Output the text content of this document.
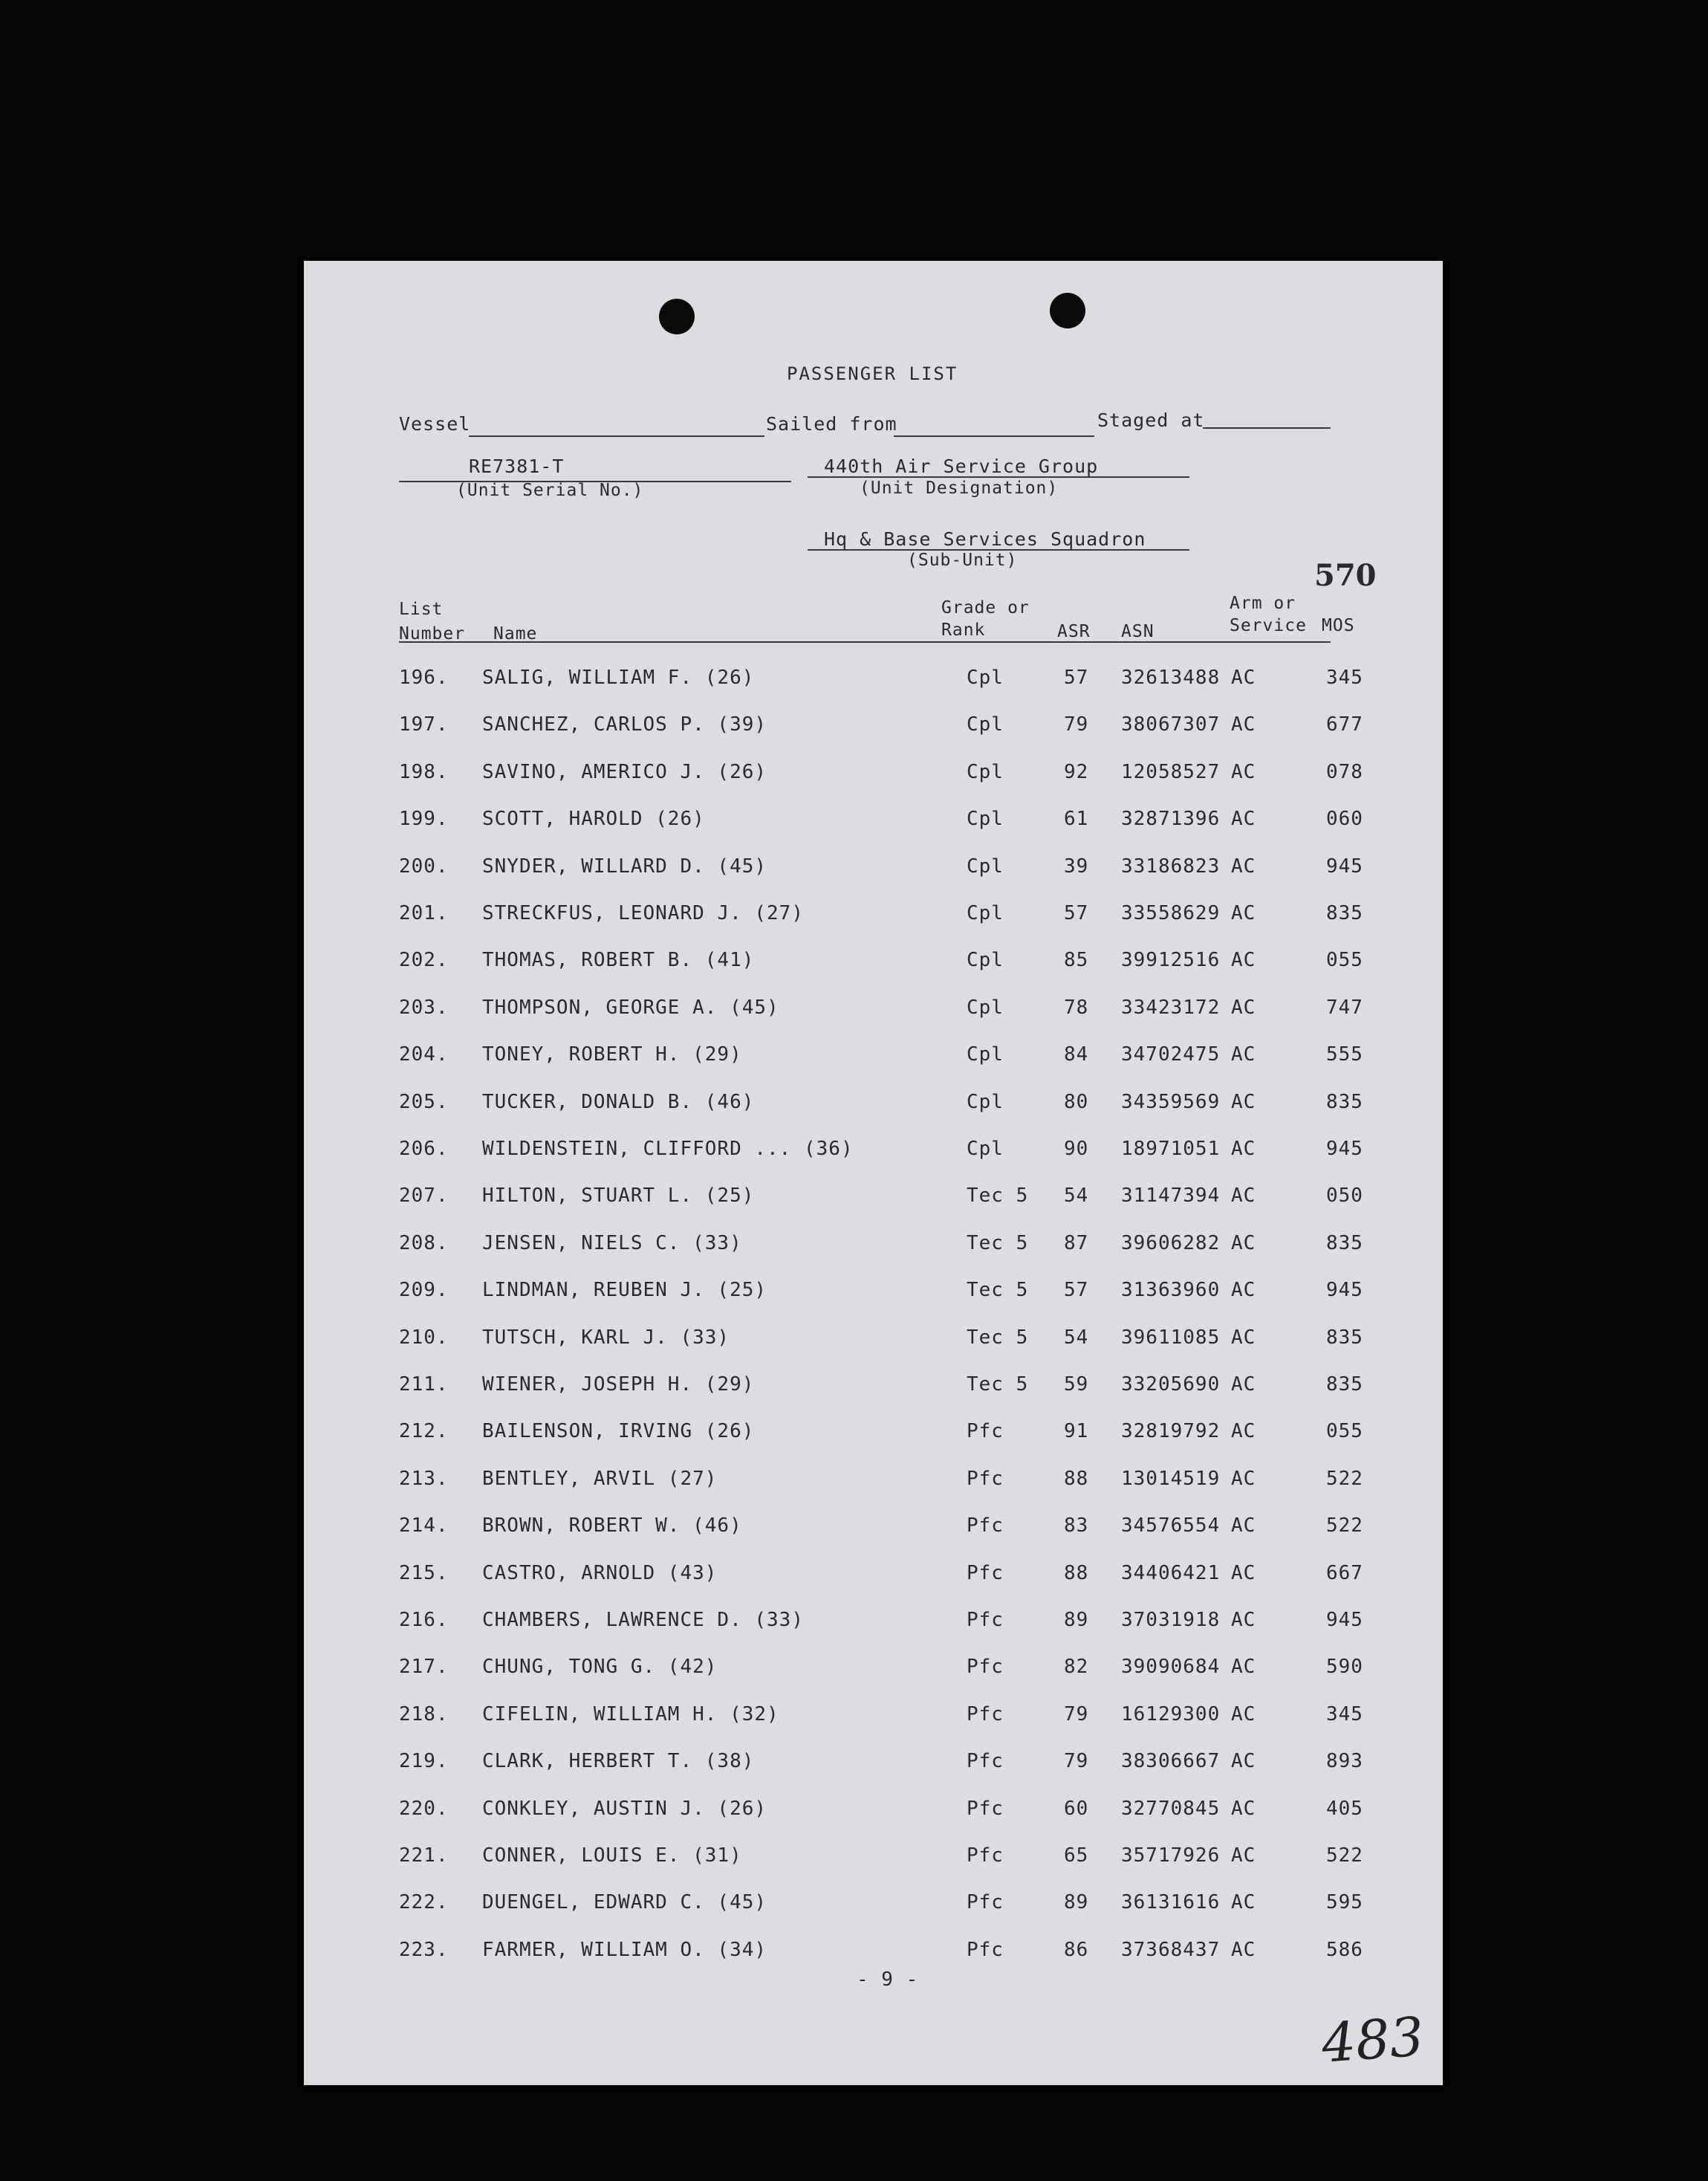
PASSENGER LIST
Vessel	Sailed from	Staged at
RE7381-T
(Unit Serial No.)
440th Air Service Group
(Unit Designation)
Hq & Base Services Squadron
(Sub-Unit)	570
List
Number Name
Grade or
Rank	ASR ASN
Arm or
Service MOS
196. SALIG, WILLIAM F. (26)	Cpl	57 32613488 AC	345
197. SANCHEZ, CARLOS P. (39)	Cpl	79 38067307 AC	677
198. SAVINO, AMERICO J. (26)	Cpl	92 12058527 AC	078
199. SCOTT, HAROLD (26)	Cpl	61 32871396 AC	060
200. SNYDER, WILLARD D. (45)	Cpl	39 33186823 AC	945
201. STRECKFUS, LEONARD J. (27)	Cpl	57 33558629 AC	835
202. THOMAS, ROBERT B. (41)	Cpl	85 39912516 AC	055
203. THOMPSON, GEORGE A. (45)	Cpl	78 33423172 AC	747
204. TONEY, ROBERT H. (29)	Cpl	84 34702475 AC	555
205. TUCKER, DONALD B. (46)	Cpl	80 34359569 AC	835
206. WILDENSTEIN, CLIFFORD ... (36)	Cpl	90 18971051 AC	945
207. HILTON, STUART L. (25)	Tec 5 54 31147394 AC	050
208. JENSEN, NIELS C. (33)	Tec 5 87 39606282 AC	835
209. LINDMAN, REUBEN J. (25)	Tec 5 57 31363960 AC	945
210. TUTSCH, KARL J. (33)	Tec 5 54 39611085 AC	835
211. WIENER, JOSEPH H. (29)	Tec 5 59 33205690 AC	835
212. BAILENSON, IRVING (26)	Pfc	91 32819792 AC	055
213. BENTLEY, ARVIL (27)	Pfc	88 13014519 AC	522
214. BROWN, ROBERT W. (46)	Pfc	83 34576554 AC	522
215. CASTRO, ARNOLD (43)	Pfc	88 34406421 AC	667
216. CHAMBERS, LAWRENCE D. (33)	Pfc	89 37031918 AC	945
217. CHUNG, TONG G. (42)	Pfc	82 39090684 AC	590
218. CIFELIN, WILLIAM H. (32)	Pfc	79 16129300 AC	345
219. CLARK, HERBERT T. (38)	Pfc	79 38306667 AC	893
220. CONKLEY, AUSTIN J. (26)	Pfc	60 32770845 AC	405
221. CONNER, LOUIS E. (31)	Pfc	65 35717926 AC	522
222. DUENGEL, EDWARD C. (45)	Pfc	89 36131616 AC	595
223. FARMER, WILLIAM O. (34)	Pfc	86 37368437 AC	586
- 9 -
483
